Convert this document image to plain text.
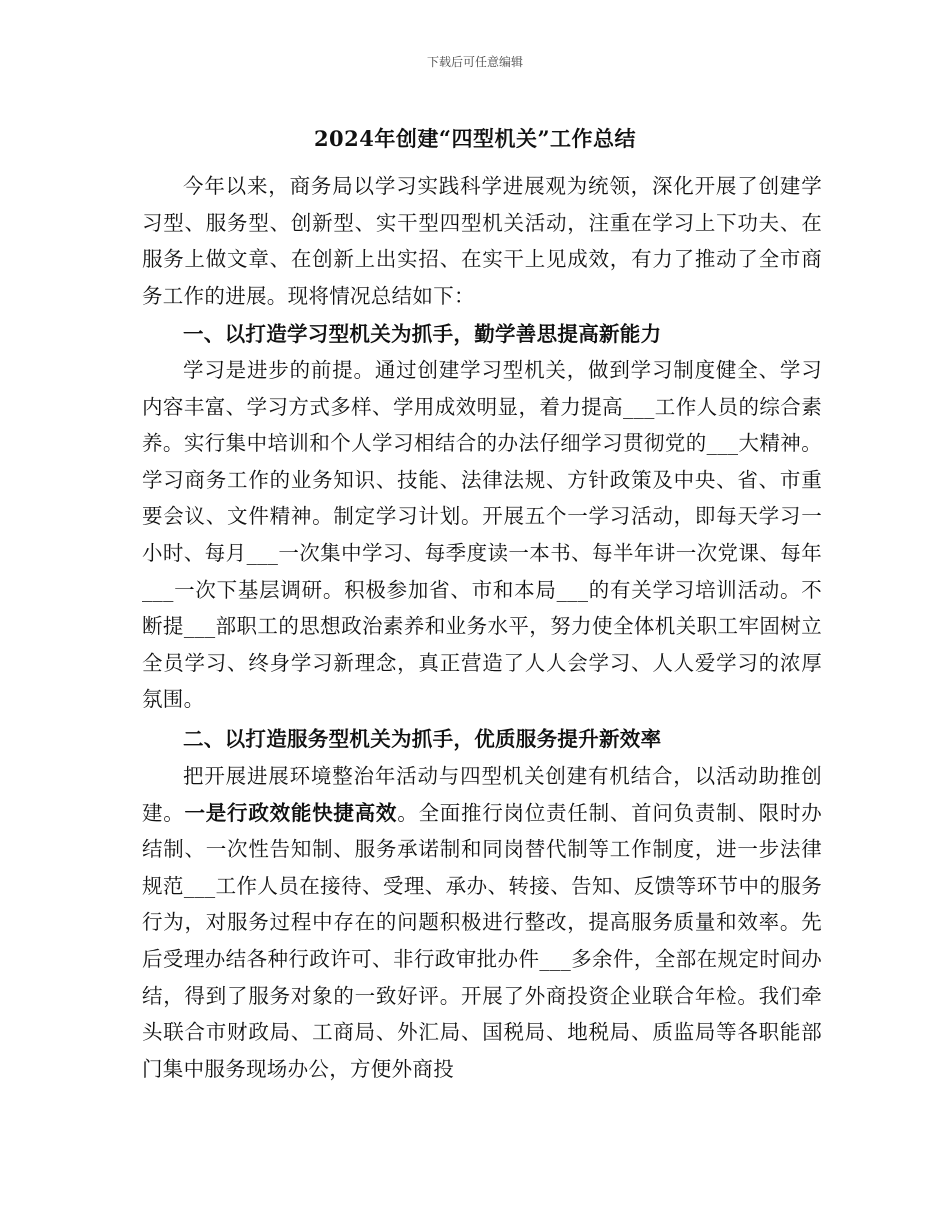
下载后可任意编辑
2024年创建“四型机关”工作总结

今年以来，商务局以学习实践科学进展观为统领，深化开展了创建学习型、服务型、创新型、实干型四型机关活动，注重在学习上下功夫、在服务上做文章、在创新上出实招、在实干上见成效，有力了推动了全市商务工作的进展。现将情况总结如下：

一、以打造学习型机关为抓手，勤学善思提高新能力

学习是进步的前提。通过创建学习型机关，做到学习制度健全、学习内容丰富、学习方式多样、学用成效明显，着力提高___工作人员的综合素养。实行集中培训和个人学习相结合的办法仔细学习贯彻党的___大精神。学习商务工作的业务知识、技能、法律法规、方针政策及中央、省、市重要会议、文件精神。制定学习计划。开展五个一学习活动，即每天学习一小时、每月___一次集中学习、每季度读一本书、每半年讲一次党课、每年___一次下基层调研。积极参加省、市和本局___的有关学习培训活动。不断提___部职工的思想政治素养和业务水平，努力使全体机关职工牢固树立全员学习、终身学习新理念，真正营造了人人会学习、人人爱学习的浓厚氛围。

二、以打造服务型机关为抓手，优质服务提升新效率

把开展进展环境整治年活动与四型机关创建有机结合，以活动助推创建。一是行政效能快捷高效。全面推行岗位责任制、首问负责制、限时办结制、一次性告知制、服务承诺制和同岗替代制等工作制度，进一步法律规范___工作人员在接待、受理、承办、转接、告知、反馈等环节中的服务行为，对服务过程中存在的问题积极进行整改，提高服务质量和效率。先后受理办结各种行政许可、非行政审批办件___多余件，全部在规定时间办结，得到了服务对象的一致好评。开展了外商投资企业联合年检。我们牵头联合市财政局、工商局、外汇局、国税局、地税局、质监局等各职能部门集中服务现场办公，方便外商投
